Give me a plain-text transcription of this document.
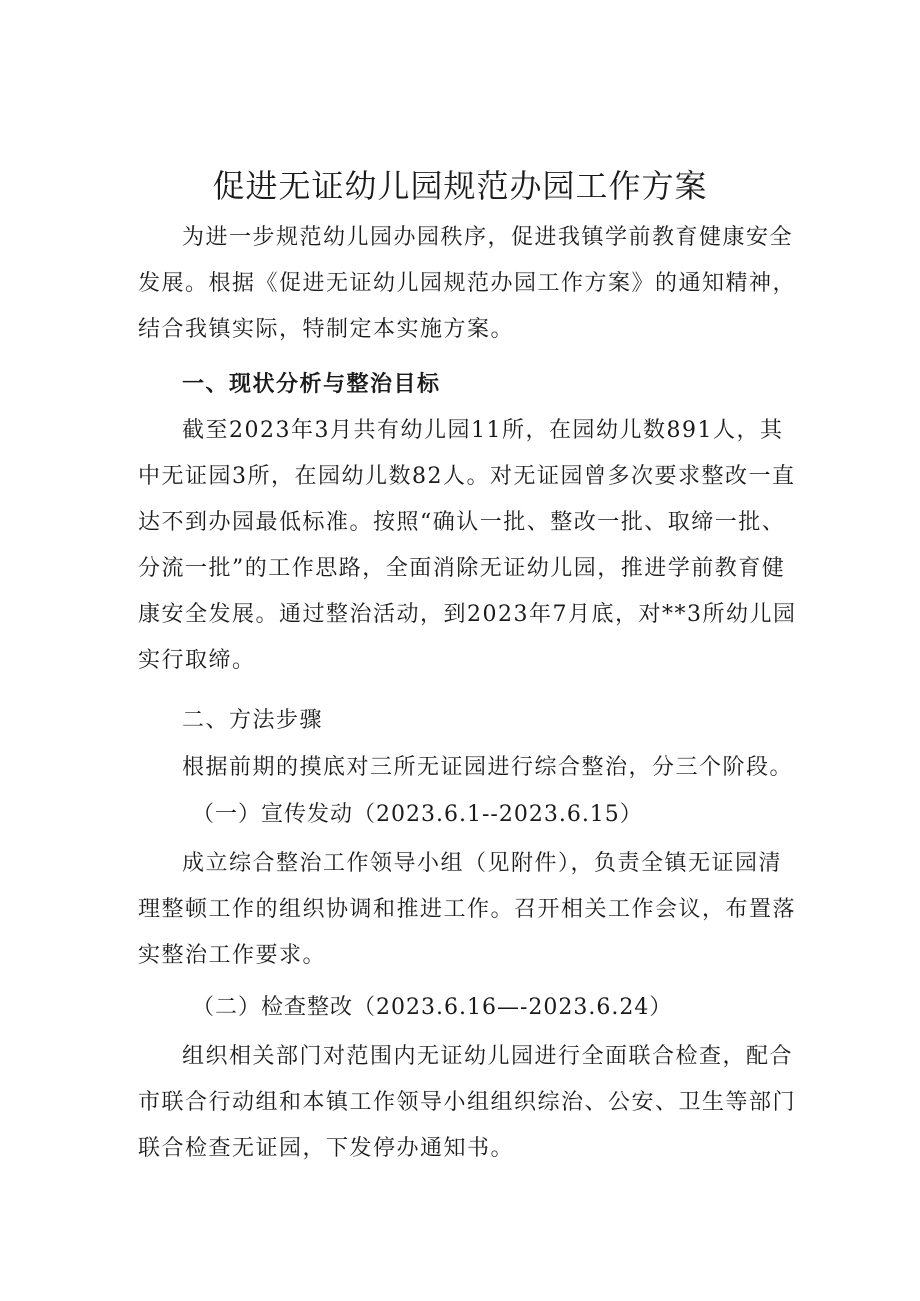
促进无证幼儿园规范办园工作方案

为进一步规范幼儿园办园秩序，促进我镇学前教育健康安全发展。根据《促进无证幼儿园规范办园工作方案》的通知精神，结合我镇实际，特制定本实施方案。

一、现状分析与整治目标

截至2023年3月共有幼儿园11所，在园幼儿数891人，其中无证园3所，在园幼儿数82人。对无证园曾多次要求整改一直达不到办园最低标准。按照“确认一批、整改一批、取缔一批、分流一批”的工作思路，全面消除无证幼儿园，推进学前教育健康安全发展。通过整治活动，到2023年7月底，对**3所幼儿园实行取缔。

二、方法步骤

根据前期的摸底对三所无证园进行综合整治，分三个阶段。

（一）宣传发动（2023.6.1--2023.6.15）

成立综合整治工作领导小组（见附件），负责全镇无证园清理整顿工作的组织协调和推进工作。召开相关工作会议，布置落实整治工作要求。

（二）检查整改（2023.6.16—-2023.6.24）

组织相关部门对范围内无证幼儿园进行全面联合检查，配合市联合行动组和本镇工作领导小组组织综治、公安、卫生等部门联合检查无证园，下发停办通知书。
